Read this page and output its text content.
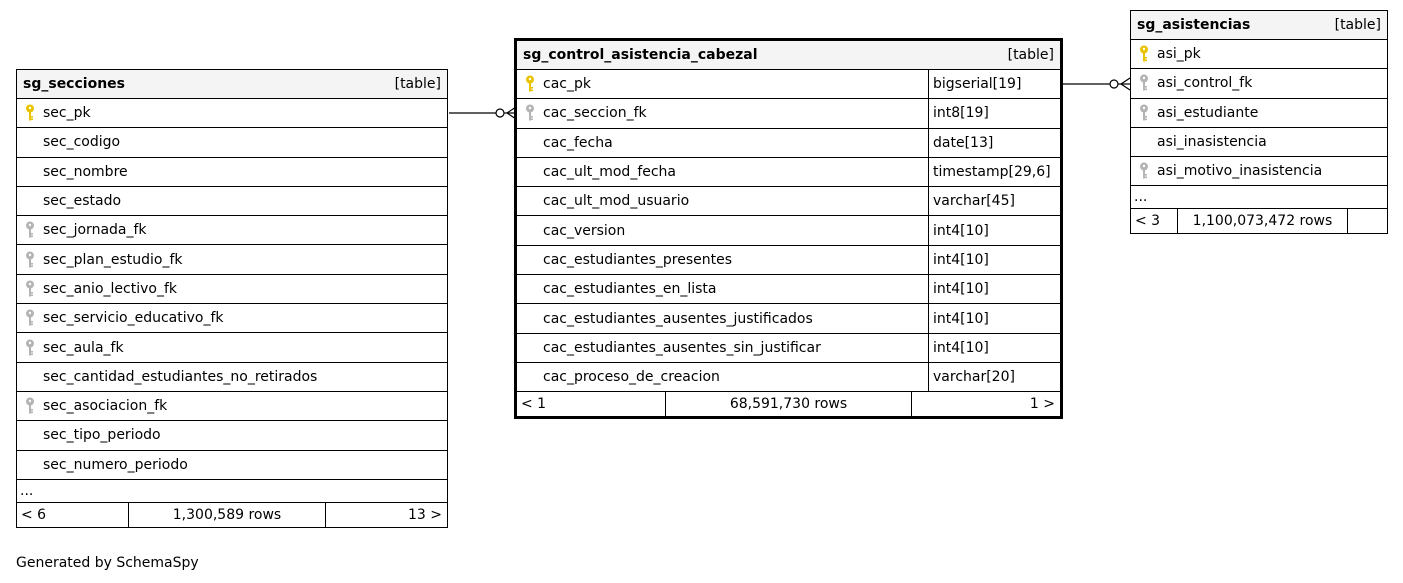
sg_secciones	[table]
sec_pk
sec_codigo
sec_nombre
sec_estado
sec_jornada_fk
sec_plan_estudio_fk
sec_anio_lectivo_fk
sec_servicio_educativo_fk
sec_aula_fk
sec_cantidad_estudiantes_no_retirados
sec_asociacion_fk
sec_tipo_periodo
sec_numero_periodo
...
< 6	1,300,589 rows	13 >
sg_control_asistencia_cabezal	[table]
cac_pk	bigserial[19]
cac_seccion_fk	int8[19]
cac_fecha	date[13]
cac_ult_mod_fecha	timestamp[29,6]
cac_ult_mod_usuario	varchar[45]
cac_version	int4[10]
cac_estudiantes_presentes	int4[10]
cac_estudiantes_en_lista	int4[10]
cac_estudiantes_ausentes_justificados	int4[10]
cac_estudiantes_ausentes_sin_justificar	int4[10]
cac_proceso_de_creacion	varchar[20]
< 1	68,591,730 rows	1 >
sg_asistencias	[table]
asi_pk
asi_control_fk
asi_estudiante
asi_inasistencia
asi_motivo_inasistencia
...
< 3	1,100,073,472 rows
Generated by SchemaSpy
